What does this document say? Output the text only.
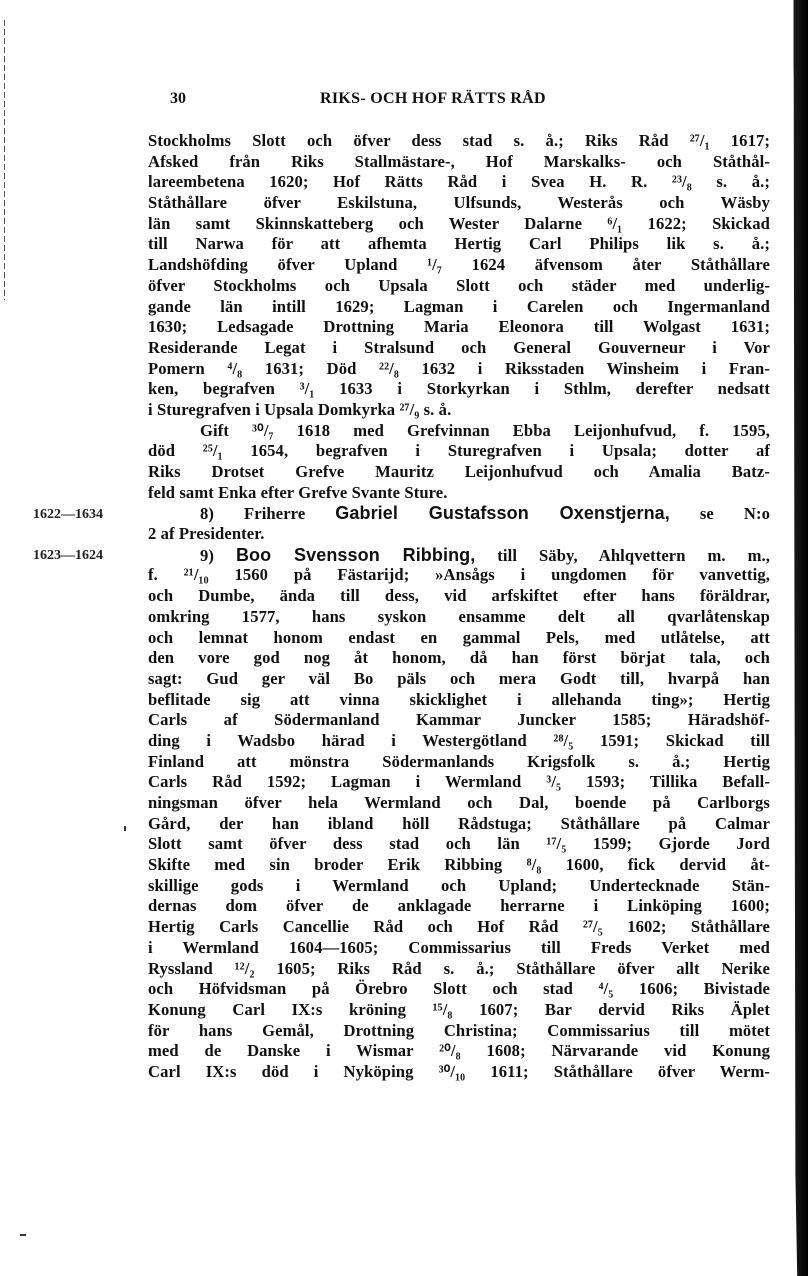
30	RIKS- OCH HOF RÄTTS RÅD
Stockholms Slott och öfver dess stad s. å.; Riks Råd ²⁷/₁ 1617;
Afsked från Riks Stallmästare-, Hof Marskalks- och Ståthål-
lareembetena 1620; Hof Rätts Råd i Svea H. R. ²³/₈ s. å.;
Ståthållare öfver Eskilstuna, Ulfsunds, Westerås och Wäsby
län samt Skinnskatteberg och Wester Dalarne ⁶/₁ 1622; Skickad
till Narwa för att afhemta Hertig Carl Philips lik s. å.;
Landshöfding öfver Upland ¹/₇ 1624 äfvensom åter Ståthållare
öfver Stockholms och Upsala Slott och städer med underlig-
gande län intill 1629; Lagman i Carelen och Ingermanland
1630; Ledsagade Drottning Maria Eleonora till Wolgast 1631;
Residerande Legat i Stralsund och General Gouverneur i Vor
Pomern ⁴/₈ 1631; Död ²²/₈ 1632 i Riksstaden Winsheim i Fran-
ken, begrafven ³/₁ 1633 i Storkyrkan i Sthlm, derefter nedsatt
i Sturegrafven i Upsala Domkyrka ²⁷/₉ s. å.
Gift ³⁰/₇ 1618 med Grefvinnan Ebba Leijonhufvud, f. 1595,
död ²⁵/₁ 1654, begrafven i Sturegrafven i Upsala; dotter af
Riks Drotset Grefve Mauritz Leijonhufvud och Amalia Batz-
feld samt Enka efter Grefve Svante Sture.
8) Friherre Gabriel Gustafsson Oxenstjerna, se N:o
2 af Presidenter.
9) Boo Svensson Ribbing, till Säby, Ahlqvettern m. m.,
f. ²¹/₁₀ 1560 på Fästarijd; »Ansågs i ungdomen för vanvettig,
och Dumbe, ända till dess, vid arfskiftet efter hans föräldrar,
omkring 1577, hans syskon ensamme delt all qvarlåtenskap
och lemnat honom endast en gammal Pels, med utlåtelse, att
den vore god nog åt honom, då han först börjat tala, och
sagt: Gud ger väl Bo päls och mera Godt till, hvarpå han
beflitade sig att vinna skicklighet i allehanda ting»; Hertig
Carls af Södermanland Kammar Juncker 1585; Häradshöf-
ding i Wadsbo härad i Westergötland ²⁸/₅ 1591; Skickad till
Finland att mönstra Södermanlands Krigsfolk s. å.; Hertig
Carls Råd 1592; Lagman i Wermland ³/₅ 1593; Tillika Befall-
ningsman öfver hela Wermland och Dal, boende på Carlborgs
Gård, der han ibland höll Rådstuga; Ståthållare på Calmar
Slott samt öfver dess stad och län ¹⁷/₅ 1599; Gjorde Jord
Skifte med sin broder Erik Ribbing ⁸/₈ 1600, fick dervid åt-
skillige gods i Wermland och Upland; Undertecknade Stän-
dernas dom öfver de anklagade herrarne i Linköping 1600;
Hertig Carls Cancellie Råd och Hof Råd ²⁷/₅ 1602; Ståthållare
i Wermland 1604—1605; Commissarius till Freds Verket med
Ryssland ¹²/₂ 1605; Riks Råd s. å.; Ståthållare öfver allt Nerike
och Höfvidsman på Örebro Slott och stad ⁴/₅ 1606; Bivistade
Konung Carl IX:s kröning ¹⁵/₈ 1607; Bar dervid Riks Äplet
för hans Gemål, Drottning Christina; Commissarius till mötet
med de Danske i Wismar ²⁰/₈ 1608; Närvarande vid Konung
Carl IX:s död i Nyköping ³⁰/₁₀ 1611; Ståthållare öfver Werm-
1622—1634
1623—1624
